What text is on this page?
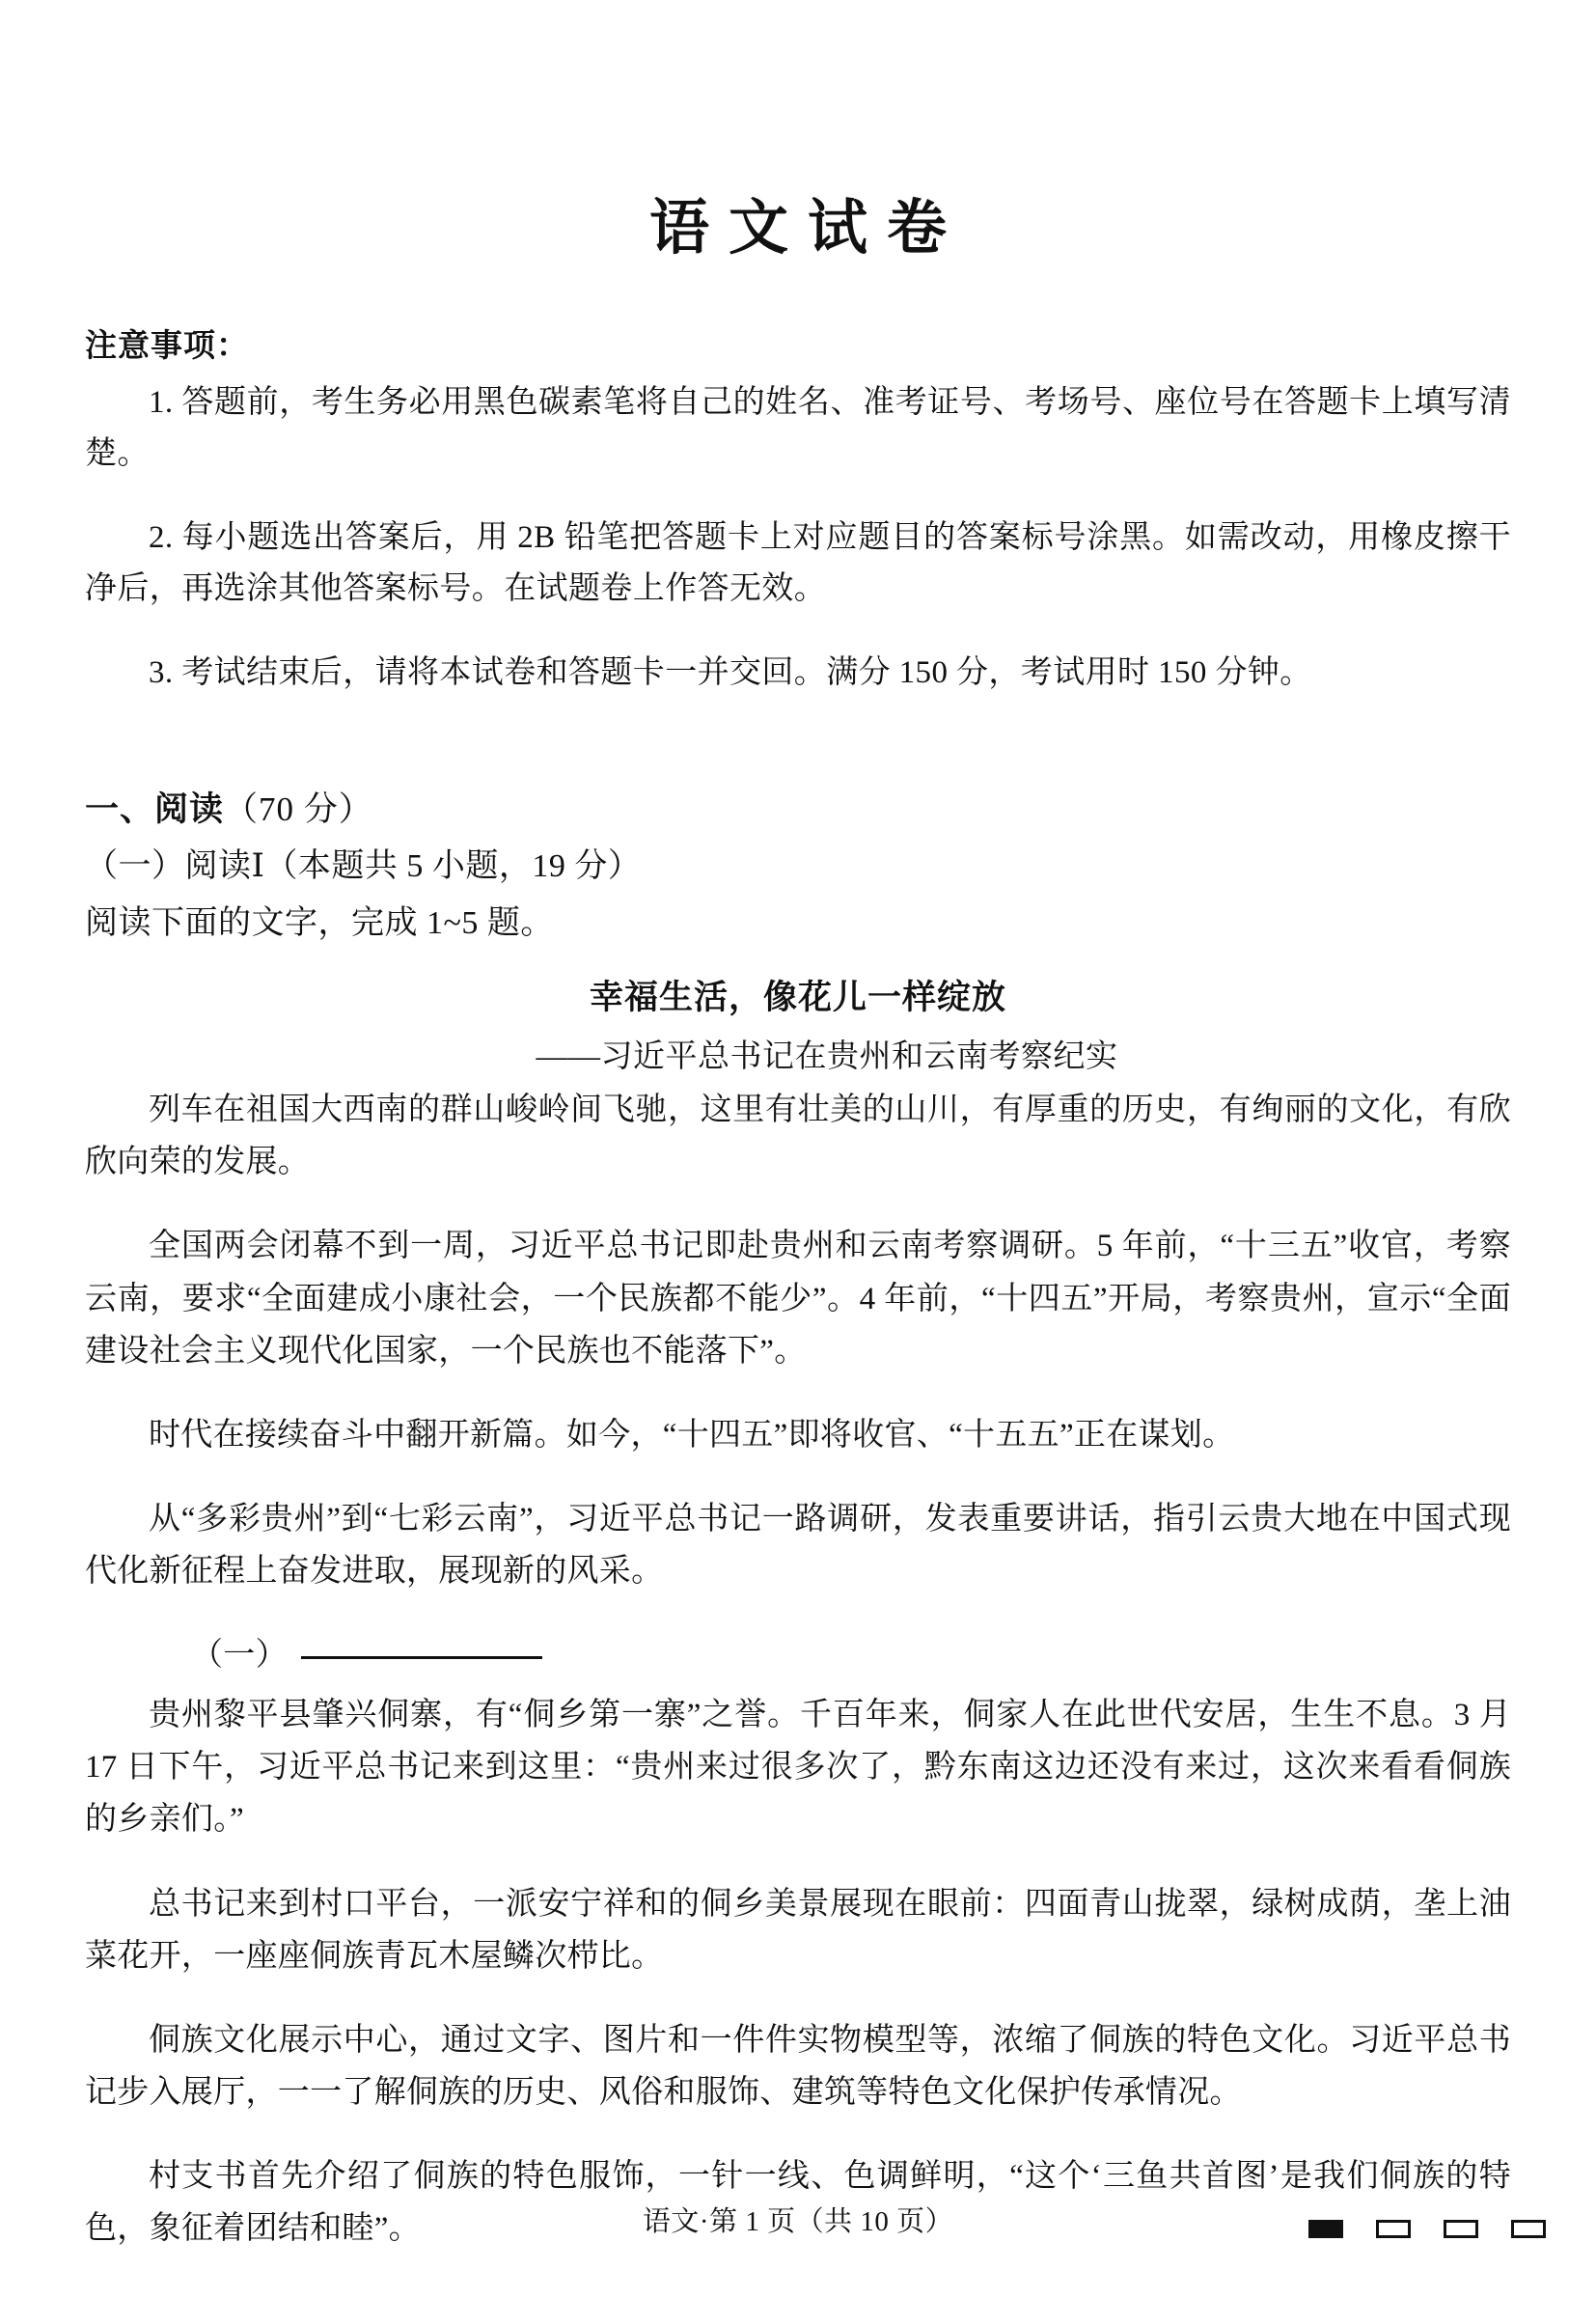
语文试卷
注意事项：

1. 答题前，考生务必用黑色碳素笔将自己的姓名、准考证号、考场号、座位号在答题卡上填写清楚。

2. 每小题选出答案后，用 2B 铅笔把答题卡上对应题目的答案标号涂黑。如需改动，用橡皮擦干净后，再选涂其他答案标号。在试题卷上作答无效。

3. 考试结束后，请将本试卷和答题卡一并交回。满分 150 分，考试用时 150 分钟。

一、阅读（70 分）
（一）阅读Ⅰ（本题共 5 小题，19 分）
阅读下面的文字，完成 1~5 题。
幸福生活，像花儿一样绽放
——习近平总书记在贵州和云南考察纪实

列车在祖国大西南的群山峻岭间飞驰，这里有壮美的山川，有厚重的历史，有绚丽的文化，有欣欣向荣的发展。

全国两会闭幕不到一周，习近平总书记即赴贵州和云南考察调研。5 年前，“十三五”收官，考察云南，要求“全面建成小康社会，一个民族都不能少”。4 年前，“十四五”开局，考察贵州，宣示“全面建设社会主义现代化国家，一个民族也不能落下”。

时代在接续奋斗中翻开新篇。如今，“十四五”即将收官、“十五五”正在谋划。

从“多彩贵州”到“七彩云南”，习近平总书记一路调研，发表重要讲话，指引云贵大地在中国式现代化新征程上奋发进取，展现新的风采。

（一）

贵州黎平县肇兴侗寨，有“侗乡第一寨”之誉。千百年来，侗家人在此世代安居，生生不息。3 月 17 日下午，习近平总书记来到这里：“贵州来过很多次了，黔东南这边还没有来过，这次来看看侗族的乡亲们。”

总书记来到村口平台，一派安宁祥和的侗乡美景展现在眼前：四面青山拢翠，绿树成荫，垄上油菜花开，一座座侗族青瓦木屋鳞次栉比。

侗族文化展示中心，通过文字、图片和一件件实物模型等，浓缩了侗族的特色文化。习近平总书记步入展厅，一一了解侗族的历史、风俗和服饰、建筑等特色文化保护传承情况。

村支书首先介绍了侗族的特色服饰，一针一线、色调鲜明，“这个‘三鱼共首图’是我们侗族的特色，象征着团结和睦”。	语文·第 1 页（共 10 页）
